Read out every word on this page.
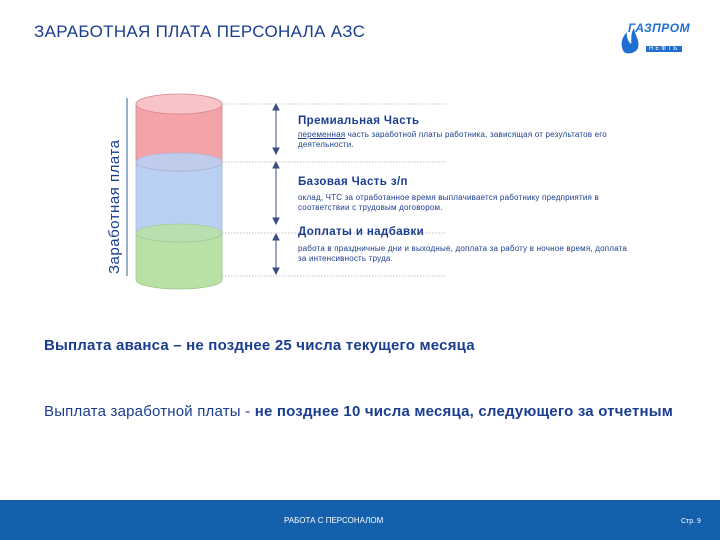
ЗАРАБОТНАЯ ПЛАТА ПЕРСОНАЛА АЗС	ГАЗПРОМ
НЕФТЬ
Заработная плата
Премиальная Часть
переменная часть заработной платы работника, зависящая от результатов его деятельности.
Базовая Часть з/п
оклад, ЧТС за отработанное время выплачивается работнику предприятия в соответствии с трудовым договором.
Доплаты и надбавки
работа в праздничные дни и выходные, доплата за работу в ночное время, доплата за интенсивность труда.
Выплата аванса – не позднее 25 числа текущего месяца
Выплата заработной платы - не позднее 10 числа месяца, следующего за отчетным
РАБОТА С ПЕРСОНАЛОМ	Стр. 9
